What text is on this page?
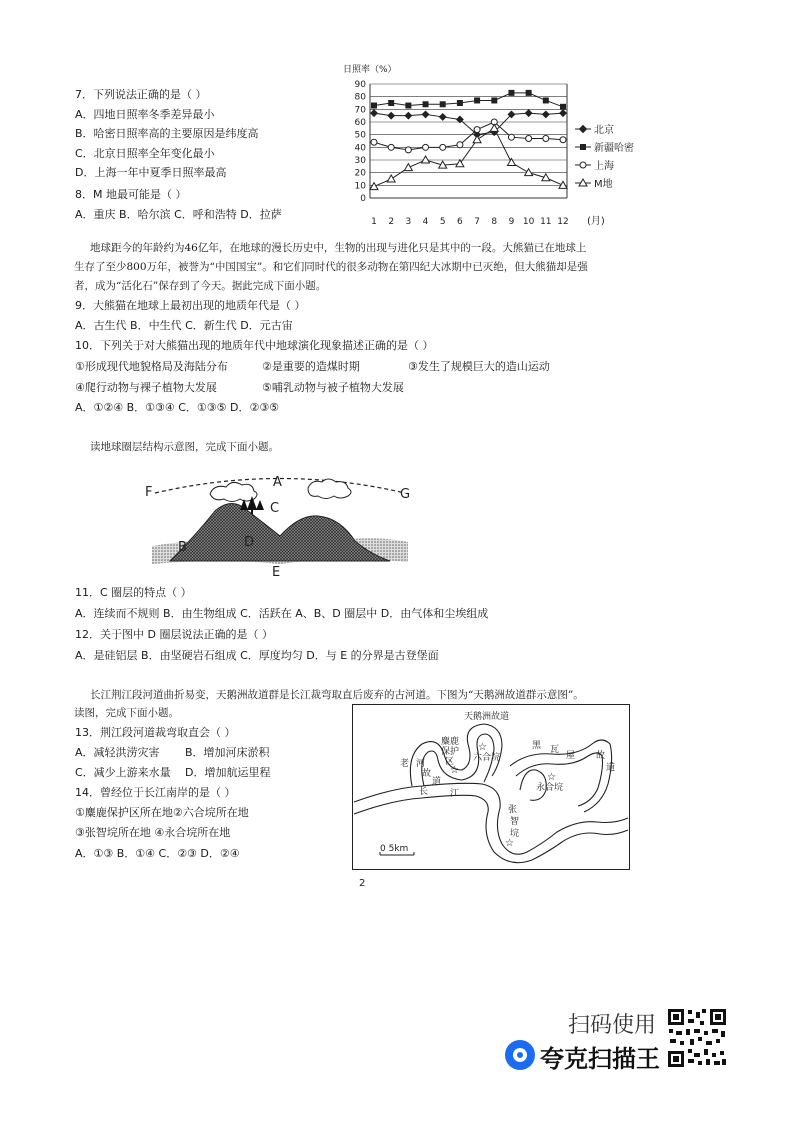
日照率（%）
0
10
20
30
40
50
60
70
80
90
1 2 3 4 5 6 7 8 9 10 11 12 (月)
北京
新疆哈密
上海
M地
7．下列说法正确的是（ ）
A．四地日照率冬季差异最小
B．哈密日照率高的主要原因是纬度高
C．北京日照率全年变化最小
D．上海一年中夏季日照率最高
8．M 地最可能是（ ）
A．重庆 B．哈尔滨 C．呼和浩特 D．拉萨
地球距今的年龄约为46亿年，在地球的漫长历史中，生物的出现与进化只是其中的一段。大熊猫已在地球上
生存了至少800万年，被誉为“中国国宝”。和它们同时代的很多动物在第四纪大冰期中已灭绝，但大熊猫却是强
者，成为“活化石”保存到了今天。据此完成下面小题。
9．大熊猫在地球上最初出现的地质年代是（ ）
A．古生代 B．中生代 C．新生代 D．元古宙
10．下列关于对大熊猫出现的地质年代中地球演化现象描述正确的是（ ）
①形成现代地貌格局及海陆分布	②是重要的造煤时期	③发生了规模巨大的造山运动
④爬行动物与裸子植物大发展	⑤哺乳动物与被子植物大发展
A．①②④ B．①③④ C．①③⑤ D．②③⑤
读地球圈层结构示意图，完成下面小题。
A
B
C
D
E
F	G
11．C 圈层的特点（ ）
A．连续而不规则 B．由生物组成 C．活跃在 A、B、D 圈层中 D．由气体和尘埃组成
12．关于图中 D 圈层说法正确的是（ ）
A．是硅铝层 B．由坚硬岩石组成 C．厚度均匀 D．与 E 的分界是古登堡面
长江荆江段河道曲折易变，天鹅洲故道群是长江裁弯取直后废弃的古河道。下图为“天鹅洲故道群示意图”。
读图，完成下面小题。
13．荆江段河道裁弯取直会（ ）
A．减轻洪涝灾害 B．增加河床淤积
C．减少上游来水量 D．增加航运里程
14．曾经位于长江南岸的是（ ）
①麋鹿保护区所在地②六合垸所在地
③张智垸所在地 ④永合垸所在地
A．①③ B．①④ C．②③ D．②④
☆
☆
☆
☆
天鹅洲故道
麋鹿
保护
区
老 河
故
道
六合垸
永合垸
长 江
张
智
垸
黑 瓦
屋 故
道
0 5km
2
扫码使用
夸克扫描王
